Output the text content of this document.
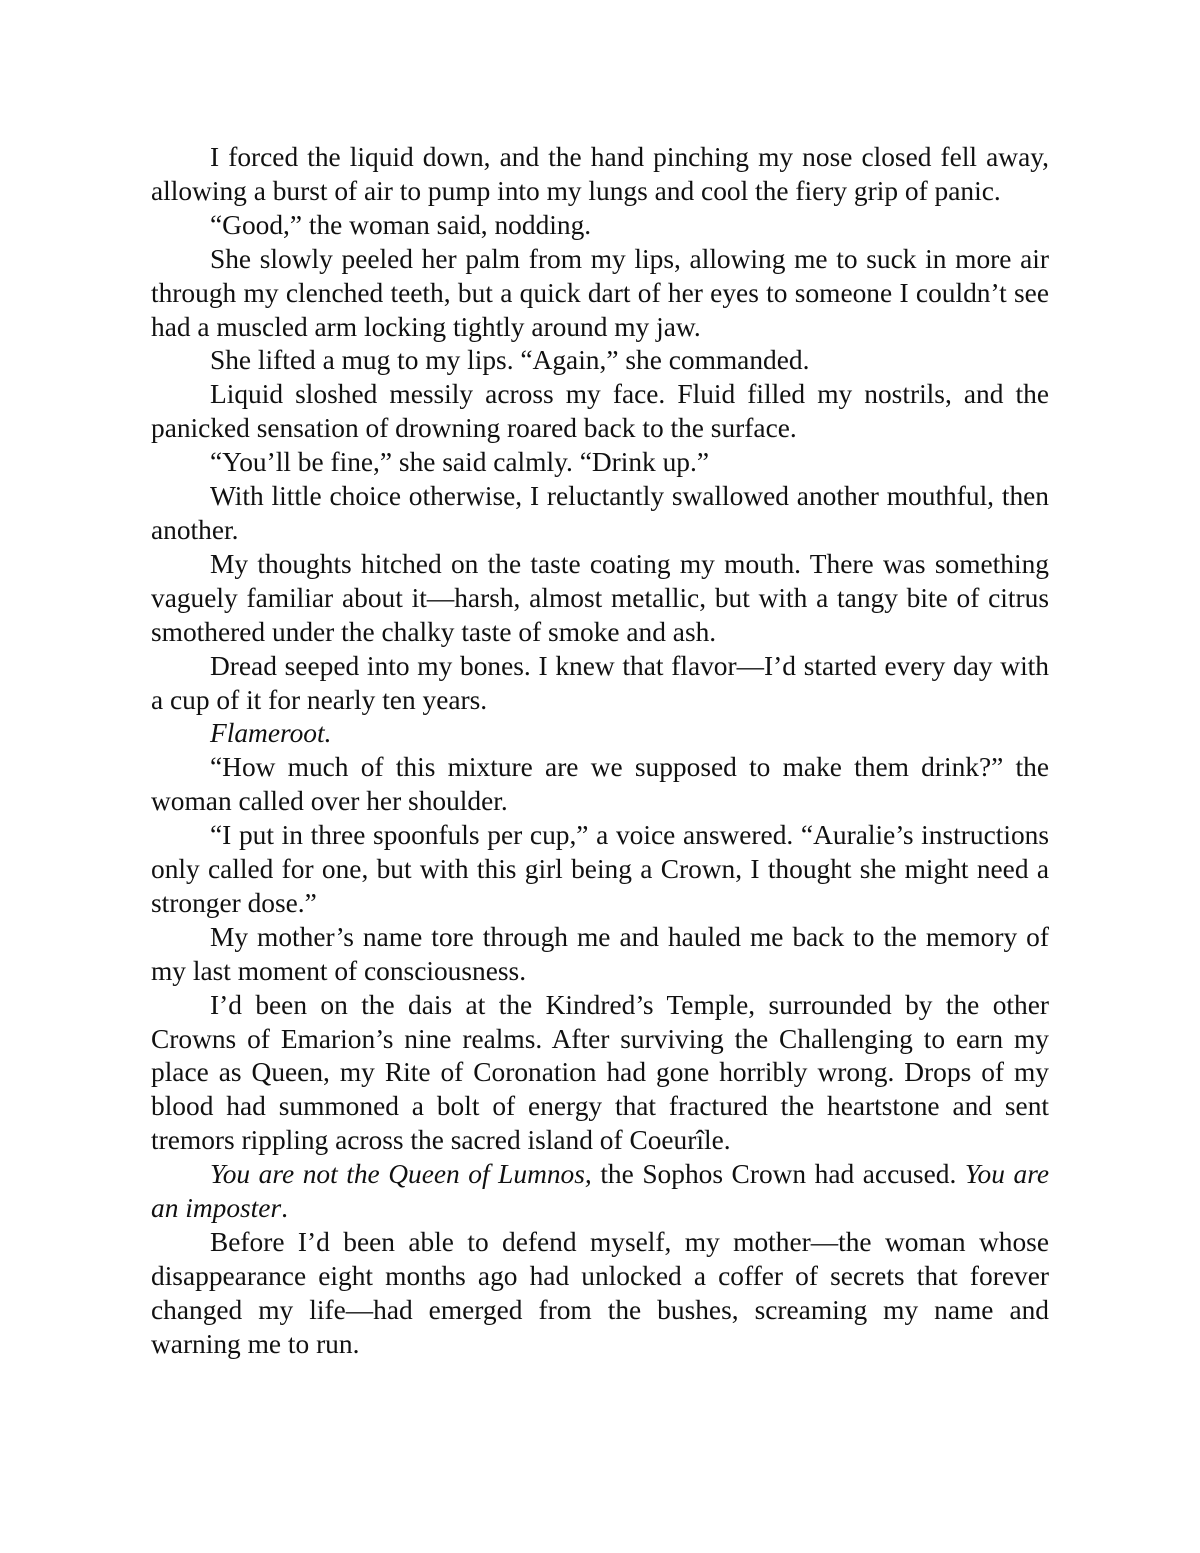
I forced the liquid down, and the hand pinching my nose closed fell away, allowing a burst of air to pump into my lungs and cool the fiery grip of panic.

“Good,” the woman said, nodding.

She slowly peeled her palm from my lips, allowing me to suck in more air through my clenched teeth, but a quick dart of her eyes to someone I couldn’t see had a muscled arm locking tightly around my jaw.

She lifted a mug to my lips. “Again,” she commanded.

Liquid sloshed messily across my face. Fluid filled my nostrils, and the panicked sensation of drowning roared back to the surface.

“You’ll be fine,” she said calmly. “Drink up.”

With little choice otherwise, I reluctantly swallowed another mouthful, then another.

My thoughts hitched on the taste coating my mouth. There was something vaguely familiar about it—harsh, almost metallic, but with a tangy bite of citrus smothered under the chalky taste of smoke and ash.

Dread seeped into my bones. I knew that flavor—I’d started every day with a cup of it for nearly ten years.

Flameroot.

“How much of this mixture are we supposed to make them drink?” the woman called over her shoulder.

“I put in three spoonfuls per cup,” a voice answered. “Auralie’s instructions only called for one, but with this girl being a Crown, I thought she might need a stronger dose.”

My mother’s name tore through me and hauled me back to the memory of my last moment of consciousness.

I’d been on the dais at the Kindred’s Temple, surrounded by the other Crowns of Emarion’s nine realms. After surviving the Challenging to earn my place as Queen, my Rite of Coronation had gone horribly wrong. Drops of my blood had summoned a bolt of energy that fractured the heartstone and sent tremors rippling across the sacred island of Coeurîle.

You are not the Queen of Lumnos, the Sophos Crown had accused. You are an imposter.

Before I’d been able to defend myself, my mother—the woman whose disappearance eight months ago had unlocked a coffer of secrets that forever changed my life—had emerged from the bushes, screaming my name and warning me to run.
